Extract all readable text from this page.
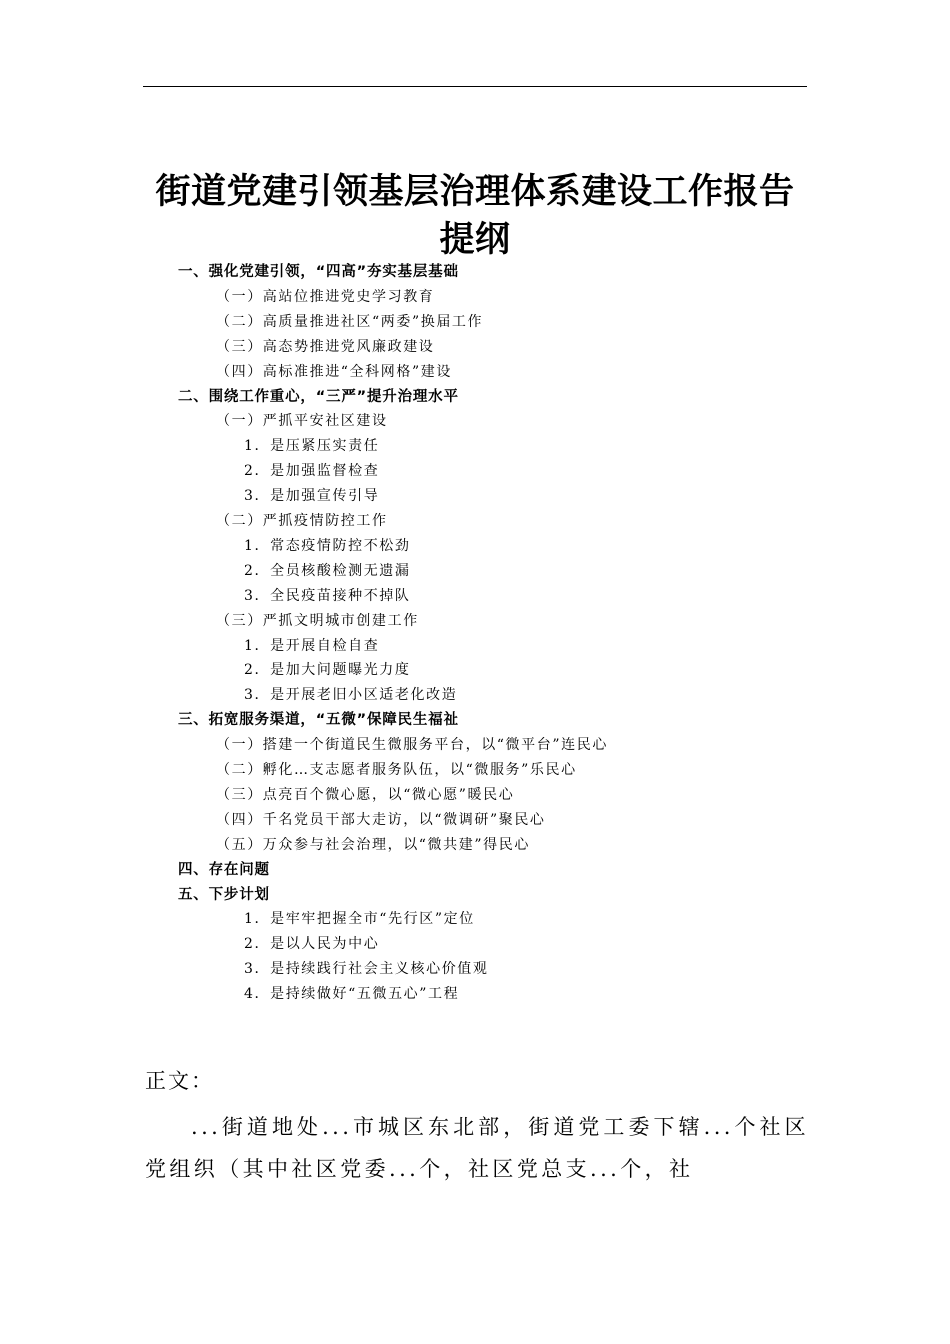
街道党建引领基层治理体系建设工作报告
提纲
一、强化党建引领，“四高”夯实基层基础
（一）高站位推进党史学习教育
（二）高质量推进社区“两委”换届工作
（三）高态势推进党风廉政建设
（四）高标准推进“全科网格”建设
二、围绕工作重心，“三严”提升治理水平
（一）严抓平安社区建设
1．是压紧压实责任
2．是加强监督检查
3．是加强宣传引导
（二）严抓疫情防控工作
1．常态疫情防控不松劲
2．全员核酸检测无遗漏
3．全民疫苗接种不掉队
（三）严抓文明城市创建工作
1．是开展自检自查
2．是加大问题曝光力度
3．是开展老旧小区适老化改造
三、拓宽服务渠道，“五微”保障民生福祉
（一）搭建一个街道民生微服务平台，以“微平台”连民心
（二）孵化…支志愿者服务队伍，以“微服务”乐民心
（三）点亮百个微心愿，以“微心愿”暖民心
（四）千名党员干部大走访，以“微调研”聚民心
（五）万众参与社会治理，以“微共建”得民心
四、存在问题
五、下步计划
1．是牢牢把握全市“先行区”定位
2．是以人民为中心
3．是持续践行社会主义核心价值观
4．是持续做好“五微五心”工程
正文：
...街道地处...市城区东北部，街道党工委下辖...个社区党组织（其中社区党委...个，社区党总支...个，社
